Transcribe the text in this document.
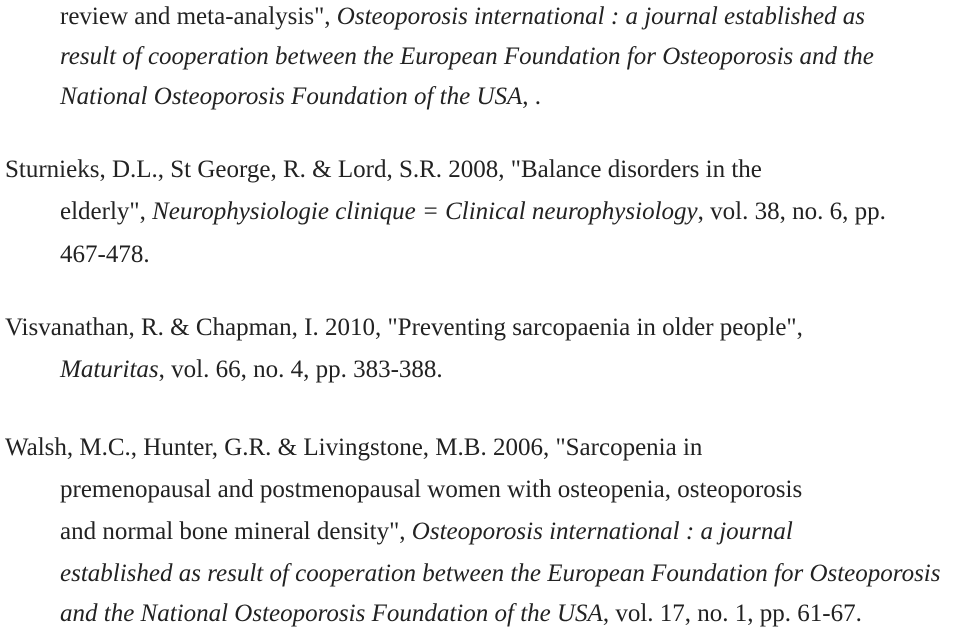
review and meta-analysis", Osteoporosis international : a journal established as
result of cooperation between the European Foundation for Osteoporosis and the
National Osteoporosis Foundation of the USA, .
Sturnieks, D.L., St George, R. & Lord, S.R. 2008, "Balance disorders in the
elderly", Neurophysiologie clinique = Clinical neurophysiology, vol. 38, no. 6, pp.
467-478.
Visvanathan, R. & Chapman, I. 2010, "Preventing sarcopaenia in older people",
Maturitas, vol. 66, no. 4, pp. 383-388.
Walsh, M.C., Hunter, G.R. & Livingstone, M.B. 2006, "Sarcopenia in
premenopausal and postmenopausal women with osteopenia, osteoporosis
and normal bone mineral density", Osteoporosis international : a journal
established as result of cooperation between the European Foundation for Osteoporosis
and the National Osteoporosis Foundation of the USA, vol. 17, no. 1, pp. 61-67.
